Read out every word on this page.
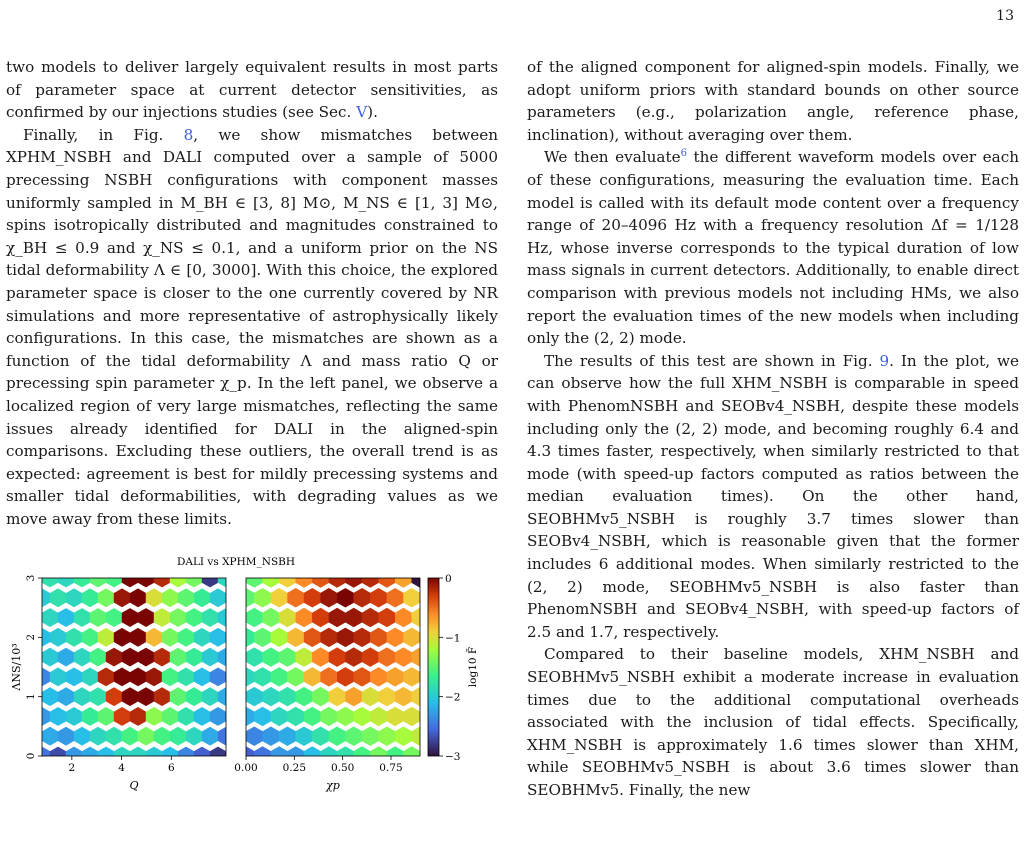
13

two models to deliver largely equivalent results in most parts of parameter space at current detector sensitivities, as confirmed by our injections studies (see Sec. V).

Finally, in Fig. 8, we show mismatches between XPHM_NSBH and DALI computed over a sample of 5000 precessing NSBH configurations with component masses uniformly sampled in M_BH ∈ [3, 8] M⊙, M_NS ∈ [1, 3] M⊙, spins isotropically distributed and magnitudes constrained to χ_BH ≤ 0.9 and χ_NS ≤ 0.1, and a uniform prior on the NS tidal deformability Λ ∈ [0, 3000]. With this choice, the explored parameter space is closer to the one currently covered by NR simulations and more representative of astrophysically likely configurations. In this case, the mismatches are shown as a function of the tidal deformability Λ and mass ratio Q or precessing spin parameter χ_p. In the left panel, we observe a localized region of very large mismatches, reflecting the same issues already identified for DALI in the aligned-spin comparisons. Excluding these outliers, the overall trend is as expected: agreement is best for mildly precessing systems and smaller tidal deformabilities, with degrading values as we move away from these limits.

of the aligned component for aligned-spin models. Finally, we adopt uniform priors with standard bounds on other source parameters (e.g., polarization angle, reference phase, inclination), without averaging over them.

We then evaluate$^6$ the different waveform models over each of these configurations, measuring the evaluation time. Each model is called with its default mode content over a frequency range of 20–4096 Hz with a frequency resolution Δf = 1/128 Hz, whose inverse corresponds to the typical duration of low mass signals in current detectors. Additionally, to enable direct comparison with previous models not including HMs, we also report the evaluation times of the new models when including only the (2, 2) mode.

The results of this test are shown in Fig. 9. In the plot, we can observe how the full XHM_NSBH is comparable in speed with PhenomNSBH and SEOBv4_NSBH, despite these models including only the (2, 2) mode, and becoming roughly 6.4 and 4.3 times faster, respectively, when similarly restricted to that mode (with speed-up factors computed as ratios between the median evaluation times). On the other hand, SEOBHMv5_NSBH is roughly 3.7 times slower than SEOBv4_NSBH, which is reasonable given that the former includes 6 additional modes. When similarly restricted to the (2, 2) mode, SEOBHMv5_NSBH is also faster than PhenomNSBH and SEOBv4_NSBH, with speed-up factors of 2.5 and 1.7, respectively.

Compared to their baseline models, XHM_NSBH and SEOBHMv5_NSBH exhibit a moderate increase in evaluation times due to the additional computational overheads associated with the inclusion of tidal effects. Specifically, XHM_NSBH is approximately 1.6 times slower than XHM, while SEOBHMv5_NSBH is about 3.6 times slower than SEOBHMv5. Finally, the new

DALI vs XPHM_NSBH
2	4	6
Q
0
1
2
3
ΛNS/10³
0.00 0.25 0.50 0.75
χp
0
−1
−2
−3
log10 F̄
